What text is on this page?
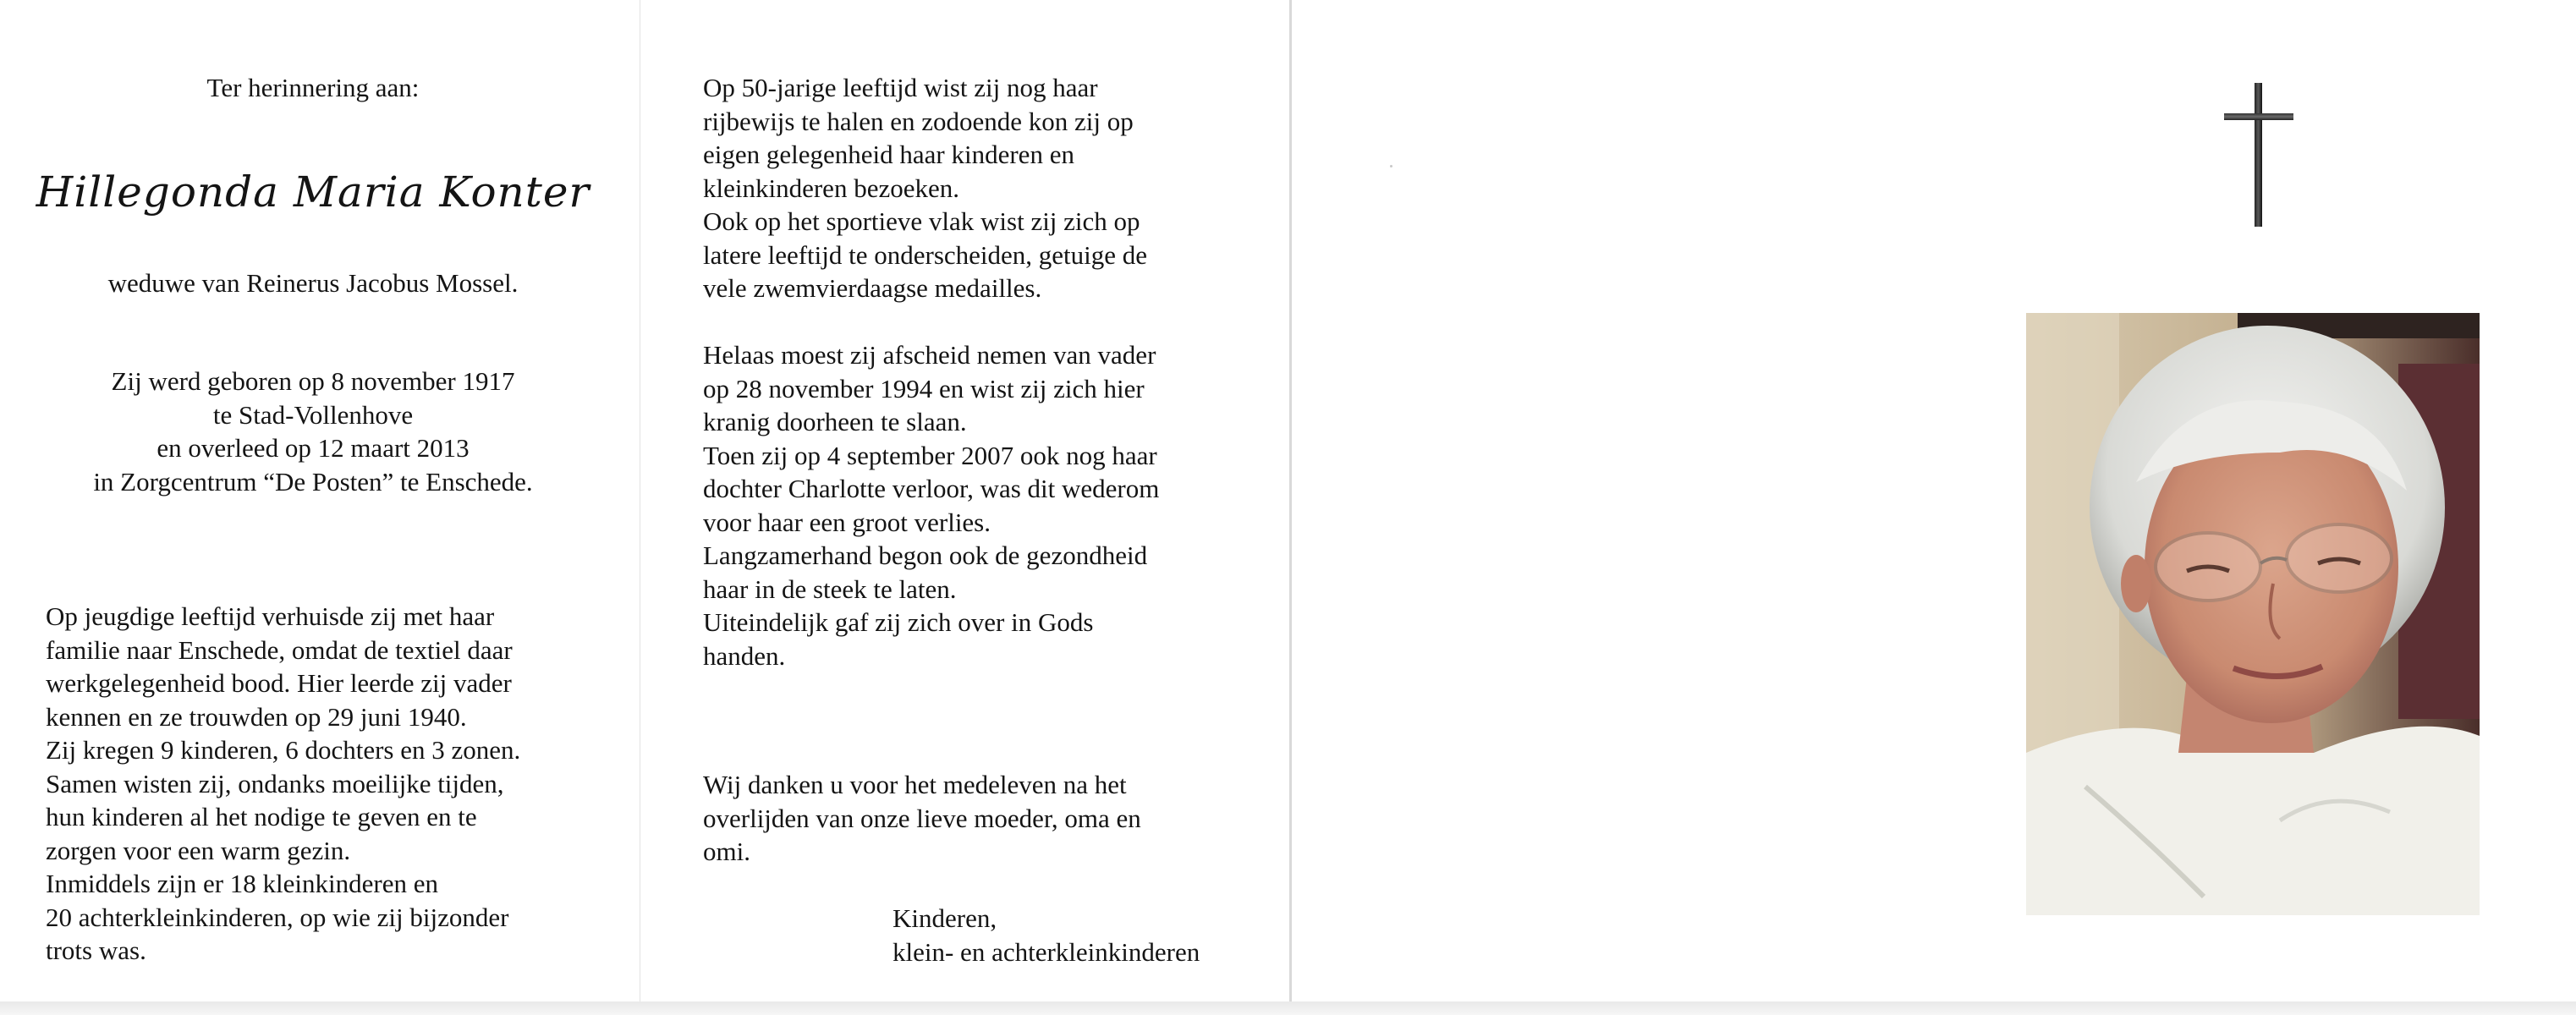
Ter herinnering aan:
Hillegonda Maria Konter
weduwe van Reinerus Jacobus Mossel.
Zij werd geboren op 8 november 1917
te Stad-Vollenhove
en overleed op 12 maart 2013
in Zorgcentrum “De Posten” te Enschede.
Op jeugdige leeftijd verhuisde zij met haar
familie naar Enschede, omdat de textiel daar
werkgelegenheid bood. Hier leerde zij vader
kennen en ze trouwden op 29 juni 1940.
Zij kregen 9 kinderen, 6 dochters en 3 zonen.
Samen wisten zij, ondanks moeilijke tijden,
hun kinderen al het nodige te geven en te
zorgen voor een warm gezin.
Inmiddels zijn er 18 kleinkinderen en
20 achterkleinkinderen, op wie zij bijzonder
trots was.
Op 50-jarige leeftijd wist zij nog haar
rijbewijs te halen en zodoende kon zij op
eigen gelegenheid haar kinderen en
kleinkinderen bezoeken.
Ook op het sportieve vlak wist zij zich op
latere leeftijd te onderscheiden, getuige de
vele zwemvierdaagse medailles.
Helaas moest zij afscheid nemen van vader
op 28 november 1994 en wist zij zich hier
kranig doorheen te slaan.
Toen zij op 4 september 2007 ook nog haar
dochter Charlotte verloor, was dit wederom
voor haar een groot verlies.
Langzamerhand begon ook de gezondheid
haar in de steek te laten.
Uiteindelijk gaf zij zich over in Gods
handen.
Wij danken u voor het medeleven na het
overlijden van onze lieve moeder, oma en
omi.
Kinderen,
klein- en achterkleinkinderen
